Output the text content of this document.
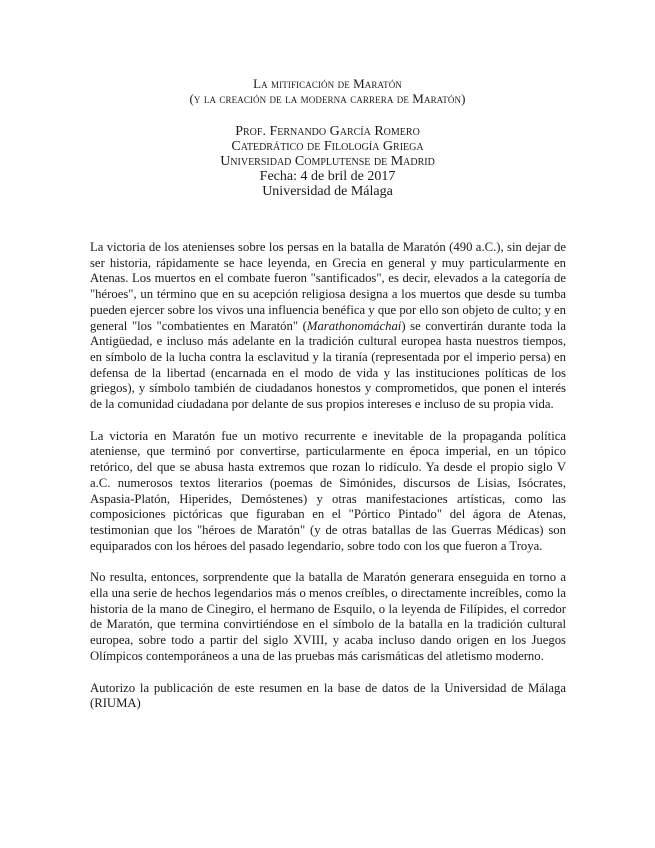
La mitificación de Maratón
(y la creación de la moderna carrera de Maratón)
Prof. Fernando García Romero
Catedrático de Filología Griega
Universidad Complutense de Madrid
Fecha: 4 de bril de 2017
Universidad de Málaga

La victoria de los atenienses sobre los persas en la batalla de Maratón (490 a.C.), sin dejar de ser historia, rápidamente se hace leyenda, en Grecia en general y muy particularmente en Atenas. Los muertos en el combate fueron "santificados", es decir, elevados a la categoría de "héroes", un término que en su acepción religiosa designa a los muertos que desde su tumba pueden ejercer sobre los vivos una influencia benéfica y que por ello son objeto de culto; y en general "los "combatientes en Maratón" (Marathonomáchai) se convertirán durante toda la Antigüedad, e incluso más adelante en la tradición cultural europea hasta nuestros tiempos, en símbolo de la lucha contra la esclavitud y la tiranía (representada por el imperio persa) en defensa de la libertad (encarnada en el modo de vida y las instituciones políticas de los griegos), y símbolo también de ciudadanos honestos y comprometidos, que ponen el interés de la comunidad ciudadana por delante de sus propios intereses e incluso de su propia vida.

La victoria en Maratón fue un motivo recurrente e inevitable de la propaganda política ateniense, que terminó por convertirse, particularmente en época imperial, en un tópico retórico, del que se abusa hasta extremos que rozan lo ridículo. Ya desde el propio siglo V a.C. numerosos textos literarios (poemas de Simónides, discursos de Lisias, Isócrates, Aspasia-Platón, Hiperides, Demóstenes) y otras manifestaciones artísticas, como las composiciones pictóricas que figuraban en el "Pórtico Pintado" del ágora de Atenas, testimonian que los "héroes de Maratón" (y de otras batallas de las Guerras Médicas) son equiparados con los héroes del pasado legendario, sobre todo con los que fueron a Troya.

No resulta, entonces, sorprendente que la batalla de Maratón generara enseguida en torno a ella una serie de hechos legendarios más o menos creíbles, o directamente increíbles, como la historia de la mano de Cinegiro, el hermano de Esquilo, o la leyenda de Filípides, el corredor de Maratón, que termina convirtiéndose en el símbolo de la batalla en la tradición cultural europea, sobre todo a partir del siglo XVIII, y acaba incluso dando origen en los Juegos Olímpicos contemporáneos a una de las pruebas más carismáticas del atletismo moderno.

Autorizo la publicación de este resumen en la base de datos de la Universidad de Málaga (RIUMA)
